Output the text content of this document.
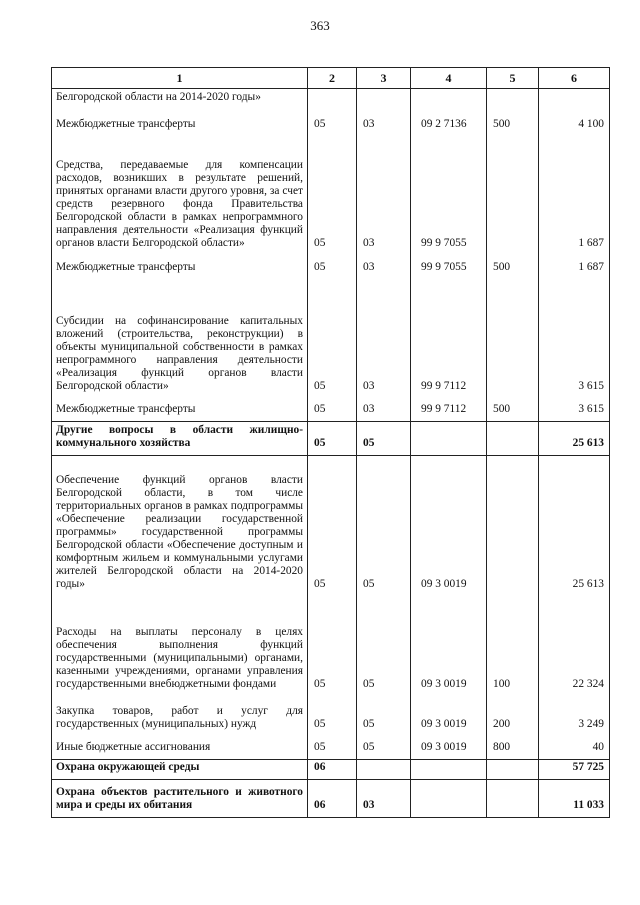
363
1	2	3	4	5	6
Белгородской области на 2014-2020 годы»					
Межбюджетные трансферты	05	03	09 2 7136	500	4 100
Средства, передаваемые для компенсации расходов, возникших в результате решений, принятых органами власти другого уровня, за счет средств резервного фонда Правительства Белгородской области в рамках непрограммного направления деятельности «Реализация функций органов власти Белгородской области»	05	03	99 9 7055		1 687
Межбюджетные трансферты	05	03	99 9 7055	500	1 687
Субсидии на софинансирование капитальных вложений (строительства, реконструкции) в объекты муниципальной собственности в рамках непрограммного направления деятельности «Реализация функций органов власти Белгородской области»	05	03	99 9 7112		3 615
Межбюджетные трансферты	05	03	99 9 7112	500	3 615
Другие вопросы в области жилищно-коммунального хозяйства	05	05			25 613
Обеспечение функций органов власти Белгородской области, в том числе территориальных органов в рамках подпрограммы «Обеспечение реализации государственной программы» государственной программы Белгородской области «Обеспечение доступным и комфортным жильем и коммунальными услугами жителей Белгородской области на 2014-2020 годы»	05	05	09 3 0019		25 613
Расходы на выплаты персоналу в целях обеспечения выполнения функций государственными (муниципальными) органами, казенными учреждениями, органами управления государственными внебюджетными фондами	05	05	09 3 0019	100	22 324
Закупка товаров, работ и услуг для государственных (муниципальных) нужд	05	05	09 3 0019	200	3 249
Иные бюджетные ассигнования	05	05	09 3 0019	800	40
Охрана окружающей среды	06				57 725
Охрана объектов растительного и животного мира и среды их обитания	06	03			11 033
